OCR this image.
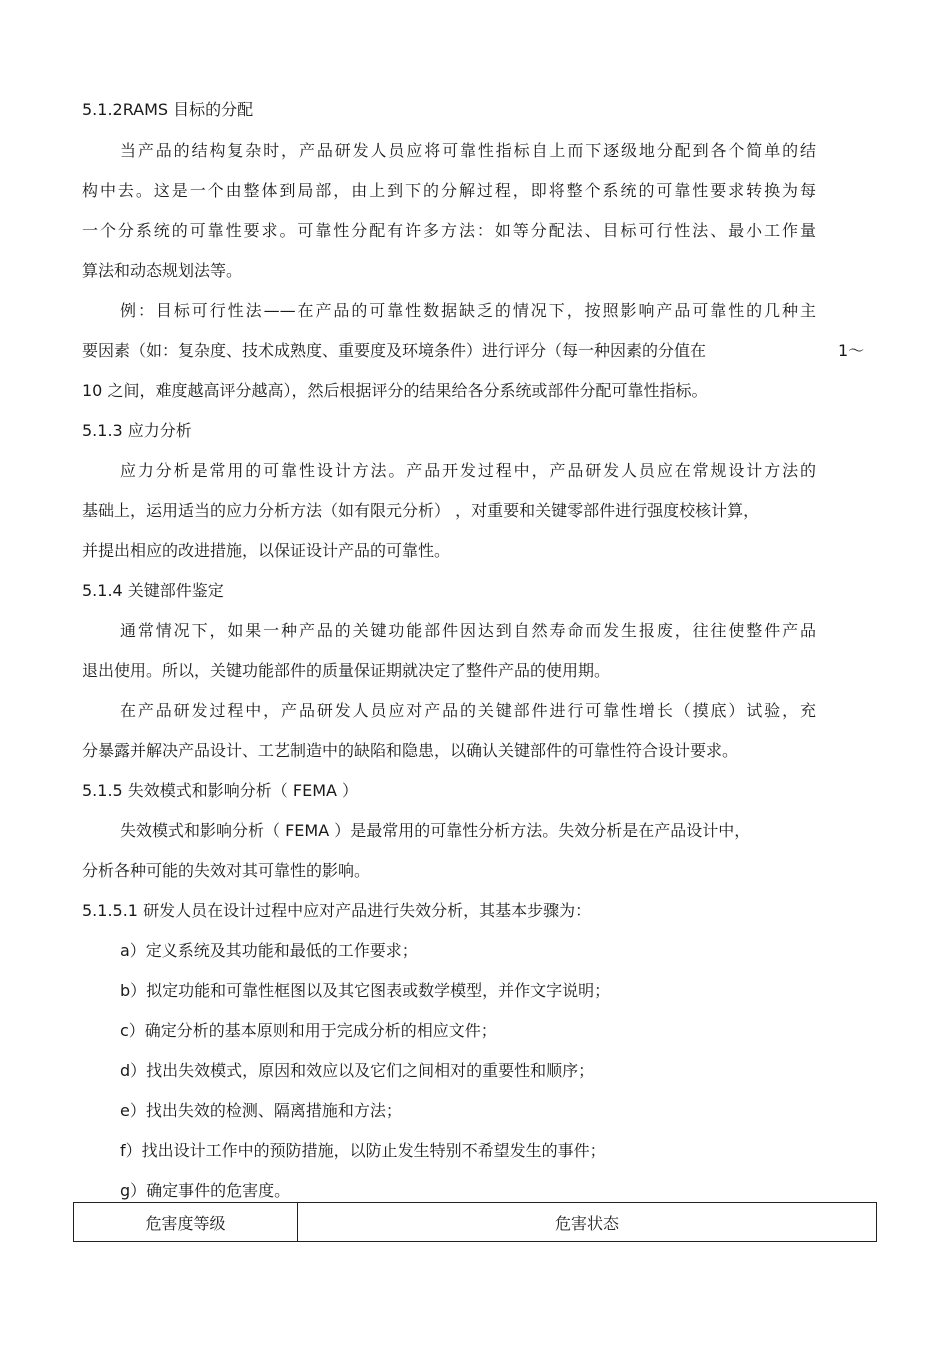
5.1.2RAMS 目标的分配
当产品的结构复杂时，产品研发人员应将可靠性指标自上而下逐级地分配到各个简单的结
构中去。这是一个由整体到局部，由上到下的分解过程，即将整个系统的可靠性要求转换为每
一个分系统的可靠性要求。可靠性分配有许多方法：如等分配法、目标可行性法、最小工作量
算法和动态规划法等。
例：目标可行性法——在产品的可靠性数据缺乏的情况下，按照影响产品可靠性的几种主
要因素（如：复杂度、技术成熟度、重要度及环境条件）进行评分（每一种因素的分值在	1～
10 之间，难度越高评分越高），然后根据评分的结果给各分系统或部件分配可靠性指标。
5.1.3 应力分析
应力分析是常用的可靠性设计方法。产品开发过程中，产品研发人员应在常规设计方法的
基础上，运用适当的应力分析方法（如有限元分析） ，对重要和关键零部件进行强度校核计算，
并提出相应的改进措施，以保证设计产品的可靠性。
5.1.4 关键部件鉴定
通常情况下，如果一种产品的关键功能部件因达到自然寿命而发生报废，往往使整件产品
退出使用。所以，关键功能部件的质量保证期就决定了整件产品的使用期。
在产品研发过程中，产品研发人员应对产品的关键部件进行可靠性增长（摸底）试验，充
分暴露并解决产品设计、工艺制造中的缺陷和隐患，以确认关键部件的可靠性符合设计要求。
5.1.5 失效模式和影响分析（ FEMA ）
失效模式和影响分析（ FEMA ）是最常用的可靠性分析方法。失效分析是在产品设计中，
分析各种可能的失效对其可靠性的影响。
5.1.5.1 研发人员在设计过程中应对产品进行失效分析，其基本步骤为：
a）定义系统及其功能和最低的工作要求；
b）拟定功能和可靠性框图以及其它图表或数学模型，并作文字说明；
c）确定分析的基本原则和用于完成分析的相应文件；
d）找出失效模式，原因和效应以及它们之间相对的重要性和顺序；
e）找出失效的检测、隔离措施和方法；
f）找出设计工作中的预防措施，以防止发生特别不希望发生的事件；
g）确定事件的危害度。
危害度等级	危害状态
